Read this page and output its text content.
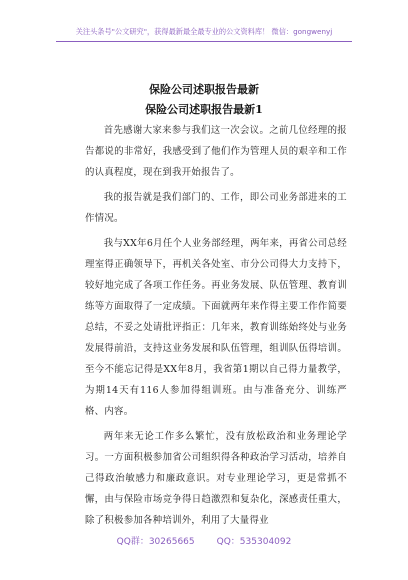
关注头条号"公文研究"，获得最新最全最专业的公文资料库！ 微信：gongwenyj
保险公司述职报告最新
保险公司述职报告最新1

首先感谢大家来参与我们这一次会议。之前几位经理的报告都说的非常好，我感受到了他们作为管理人员的艰辛和工作的认真程度，现在到我开始报告了。

我的报告就是我们部门的、工作，即公司业务部进来的工作情况。

我与XX年6月任个人业务部经理，两年来，再省公司总经理室得正确领导下，再机关各处室、市分公司得大力支持下，较好地完成了各项工作任务。再业务发展、队伍管理、教育训练等方面取得了一定成绩。下面就两年来作得主要工作作简要总结，不妥之处请批评指正：几年来，教育训练始终处与业务发展得前沿，支持这业务发展和队伍管理，组训队伍得培训。至今不能忘记得是XX年8月，我省第1期以自己得力量教学，为期14天有116人参加得组训班。由与准备充分、训练严格、内容。

两年来无论工作多么繁忙，没有放松政治和业务理论学习。一方面积极参加省公司组织得各种政治学习活动，培养自己得政治敏感力和廉政意识。对专业理论学习，更是常抓不懈，由与保险市场竞争得日趋激烈和复杂化，深感责任重大，除了积极参加各种培训外，利用了大量得业

QQ群：30265665 QQ：535304092
